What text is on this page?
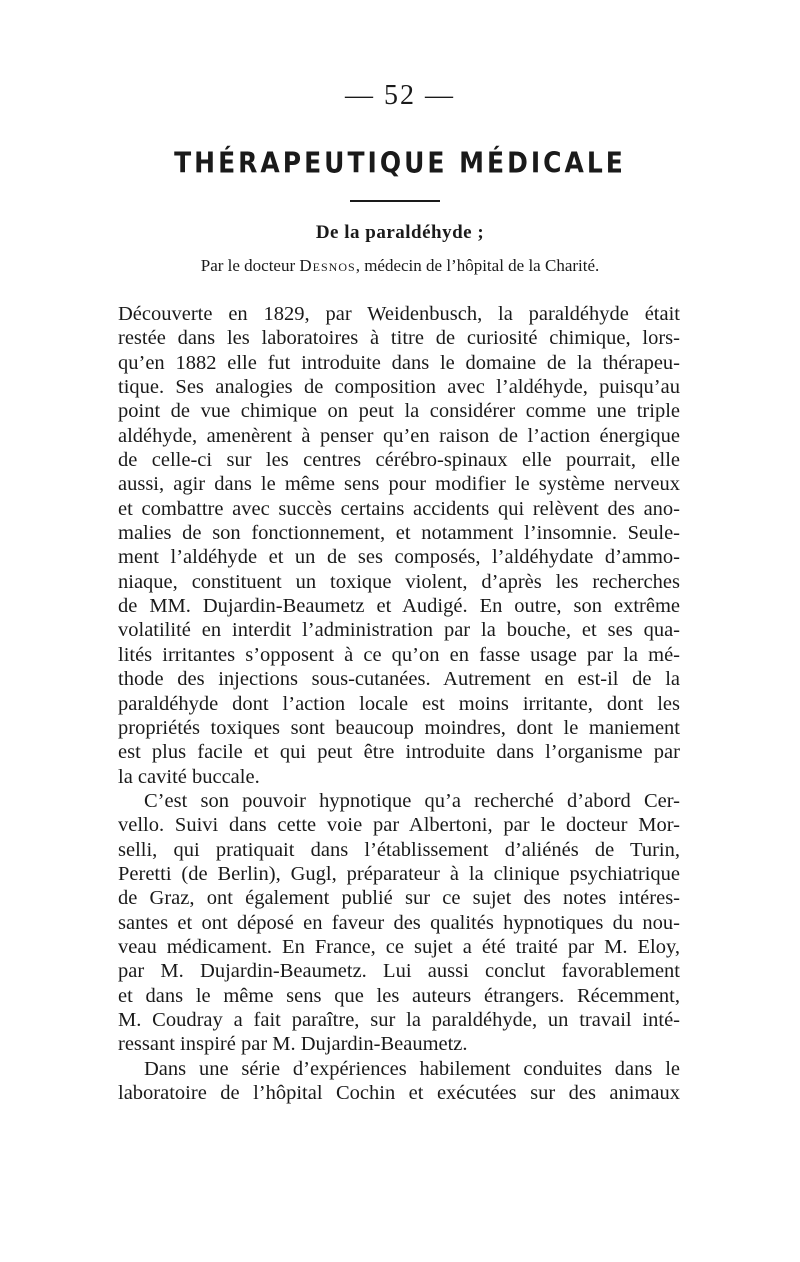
— 52 —
THÉRAPEUTIQUE MÉDICALE
De la paraldéhyde ;
Par le docteur Desnos, médecin de l’hôpital de la Charité.
Découverte en 1829, par Weidenbusch, la paraldéhyde était
restée dans les laboratoires à titre de curiosité chimique, lors-
qu’en 1882 elle fut introduite dans le domaine de la thérapeu-
tique. Ses analogies de composition avec l’aldéhyde, puisqu’au
point de vue chimique on peut la considérer comme une triple
aldéhyde, amenèrent à penser qu’en raison de l’action énergique
de celle-ci sur les centres cérébro-spinaux elle pourrait, elle
aussi, agir dans le même sens pour modifier le système nerveux
et combattre avec succès certains accidents qui relèvent des ano-
malies de son fonctionnement, et notamment l’insomnie. Seule-
ment l’aldéhyde et un de ses composés, l’aldéhydate d’ammo-
niaque, constituent un toxique violent, d’après les recherches
de MM. Dujardin-Beaumetz et Audigé. En outre, son extrême
volatilité en interdit l’administration par la bouche, et ses qua-
lités irritantes s’opposent à ce qu’on en fasse usage par la mé-
thode des injections sous-cutanées. Autrement en est-il de la
paraldéhyde dont l’action locale est moins irritante, dont les
propriétés toxiques sont beaucoup moindres, dont le maniement
est plus facile et qui peut être introduite dans l’organisme par
la cavité buccale.
C’est son pouvoir hypnotique qu’a recherché d’abord Cer-
vello. Suivi dans cette voie par Albertoni, par le docteur Mor-
selli, qui pratiquait dans l’établissement d’aliénés de Turin,
Peretti (de Berlin), Gugl, préparateur à la clinique psychiatrique
de Graz, ont également publié sur ce sujet des notes intéres-
santes et ont déposé en faveur des qualités hypnotiques du nou-
veau médicament. En France, ce sujet a été traité par M. Eloy,
par M. Dujardin-Beaumetz. Lui aussi conclut favorablement
et dans le même sens que les auteurs étrangers. Récemment,
M. Coudray a fait paraître, sur la paraldéhyde, un travail inté-
ressant inspiré par M. Dujardin-Beaumetz.
Dans une série d’expériences habilement conduites dans le
laboratoire de l’hôpital Cochin et exécutées sur des animaux
